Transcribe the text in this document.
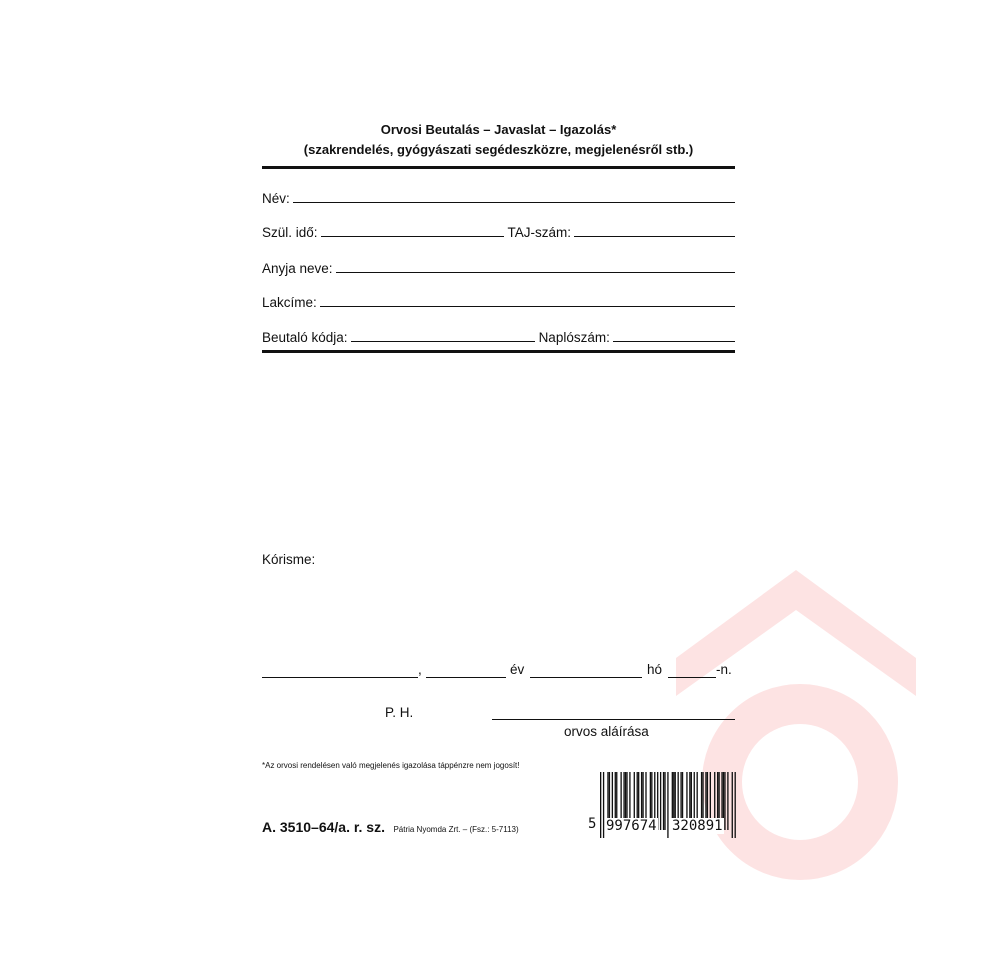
Orvosi Beutalás – Javaslat – Igazolás*
(szakrendelés, gyógyászati segédeszközre, megjelenésről stb.)
Név:
Szül. idő:	TAJ-szám:
Anyja neve:
Lakcíme:
Beutaló kódja:	Naplószám:
Kórisme:
,	év	hó	-n.
P. H.
orvos aláírása
*Az orvosi rendelésen való megjelenés igazolása táppénzre nem jogosít!
A. 3510–64/a. r. sz. Pátria Nyomda Zrt. – (Fsz.: 5-7113)	5 997674 320891
